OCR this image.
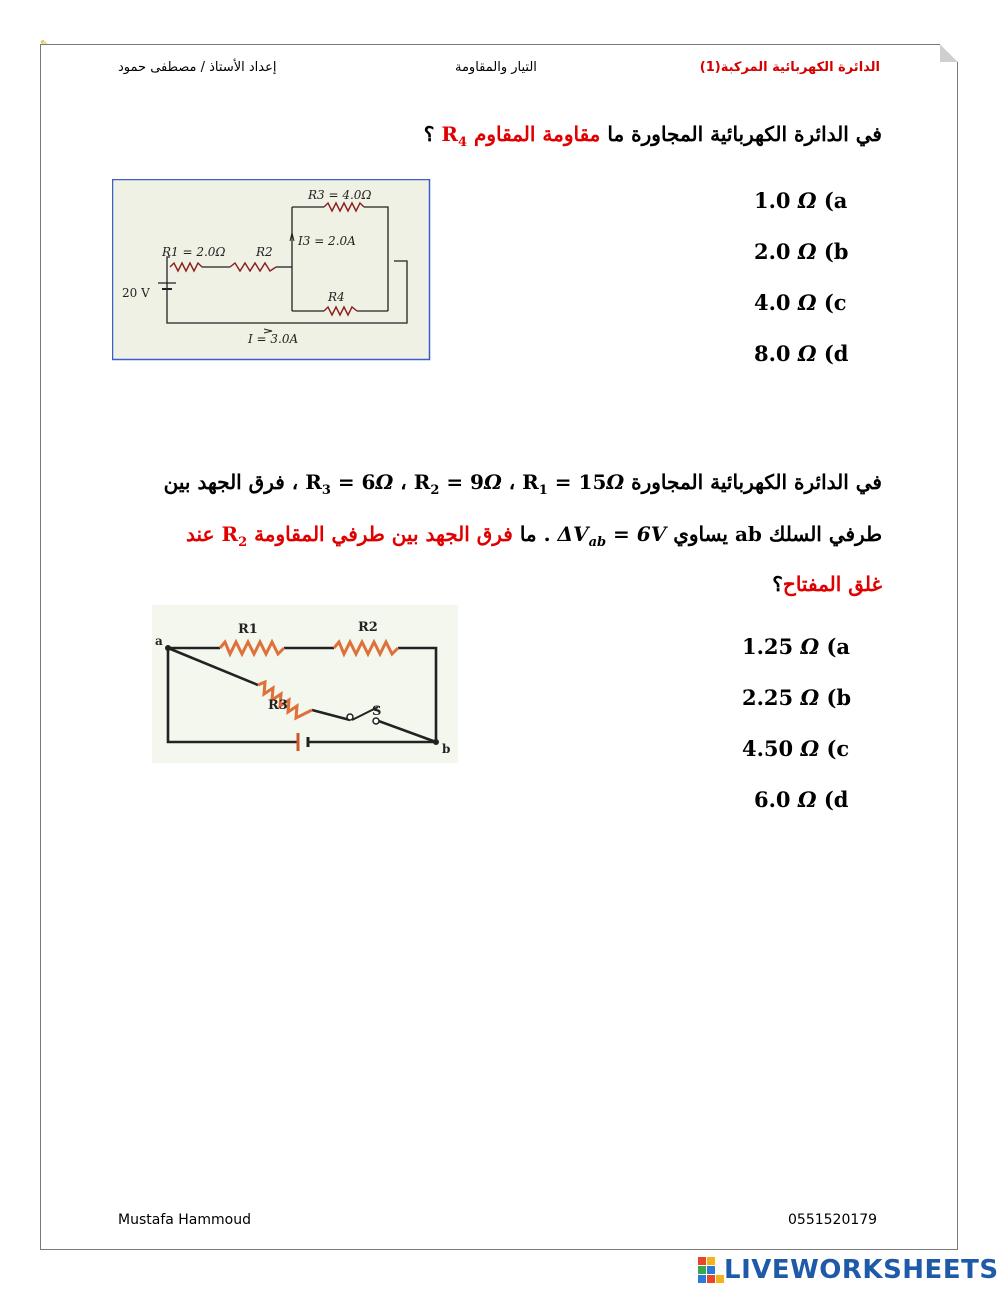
الدائرة الكهربائية المركبة(1)
التيار والمقاومة
إعداد الأستاذ / مصطفى حمود
في الدائرة الكهربائية المجاورة ما مقاومة المقاوم $R_4$ ؟
R3 = 4.0Ω
I3 = 2.0A
R1 = 2.0Ω	R2
20 V	R4
I = 3.0A
1.0 Ω (a
2.0 Ω (b
4.0 Ω (c
8.0 Ω (d
في الدائرة الكهربائية المجاورة $R_1 = 15\Omega$ ، $R_2 = 9\Omega$ ، $R_3 = 6\Omega$ ، فرق الجهد بين
طرفي السلك ab يساوي $\Delta V_{ab} = 6V$ . ما فرق الجهد بين طرفي المقاومة $R_2$ عند
غلق المفتاح؟
a
b
R1	R2
R3	S
1.25 Ω (a
2.25 Ω (b
4.50 Ω (c
6.0 Ω (d
Mustafa Hammoud	0551520179
LIVEWORKSHEETS
